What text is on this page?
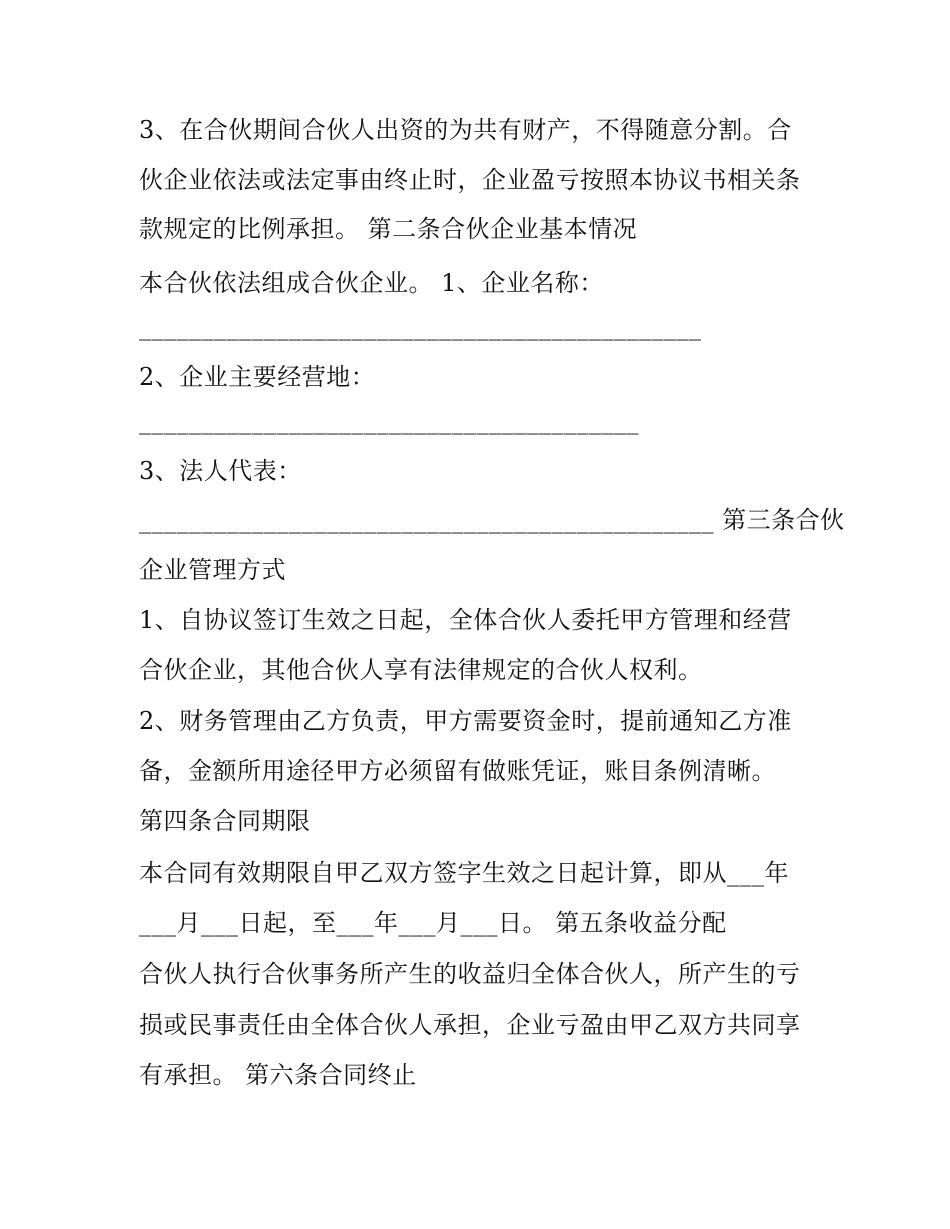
3、在合伙期间合伙人出资的为共有财产，不得随意分割。合
伙企业依法或法定事由终止时，企业盈亏按照本协议书相关条
款规定的比例承担。 第二条合伙企业基本情况
本合伙依法组成合伙企业。 1、企业名称：
_____________________________________________
2、企业主要经营地：
________________________________________
3、法人代表：
______________________________________________ 第三条合伙
企业管理方式
1、自协议签订生效之日起，全体合伙人委托甲方管理和经营
合伙企业，其他合伙人享有法律规定的合伙人权利。
2、财务管理由乙方负责，甲方需要资金时，提前通知乙方准
备，金额所用途径甲方必须留有做账凭证，账目条例清晰。
第四条合同期限
本合同有效期限自甲乙双方签字生效之日起计算，即从___年
___月___日起，至___年___月___日。 第五条收益分配
合伙人执行合伙事务所产生的收益归全体合伙人，所产生的亏
损或民事责任由全体合伙人承担，企业亏盈由甲乙双方共同享
有承担。 第六条合同终止
